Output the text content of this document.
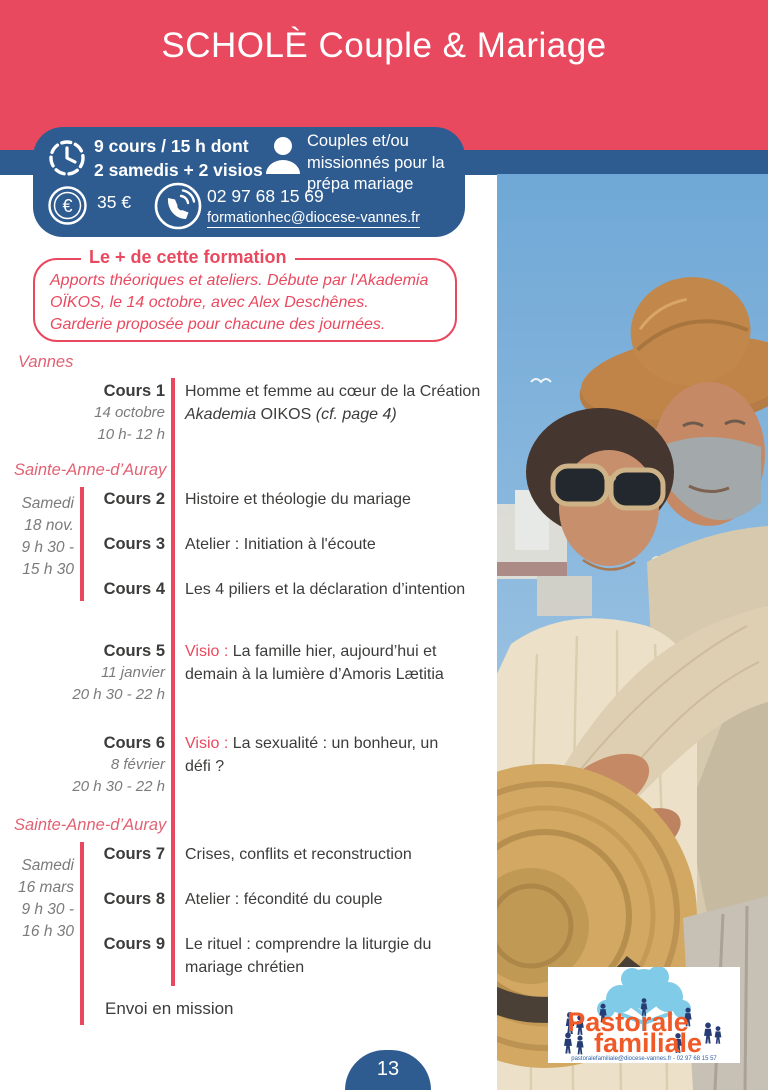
SCHOLÈ Couple & Mariage
9 cours / 15 h dont
2 samedis + 2 visios
Couples et/ou missionnés pour la prépa mariage
€ 35 €	02 97 68 15 69
formationhec@diocese-vannes.fr
Le + de cette formation
Apports théoriques et ateliers. Débute par l'Akademia
OÏKOS, le 14 octobre, avec Alex Deschênes.
Garderie proposée pour chacune des journées.
Vannes
Cours 1
14 octobre
10 h- 12 h
Homme et femme au cœur de la Création
Akademia OIKOS (cf. page 4)
Sainte-Anne-d’Auray
Samedi
18 nov.
9 h 30 -
15 h 30
Cours 2 Histoire et théologie du mariage
Cours 3 Atelier : Initiation à l'écoute
Cours 4 Les 4 piliers et la déclaration d’intention
Cours 5
11 janvier
20 h 30 - 22 h
Visio : La famille hier, aujourd’hui et
demain à la lumière d’Amoris Lætitia
Cours 6
8 février
20 h 30 - 22 h
Visio : La sexualité : un bonheur, un
défi ?
Sainte-Anne-d’Auray
Samedi
16 mars
9 h 30 -
16 h 30
Cours 7 Crises, conflits et reconstruction
Cours 8 Atelier : fécondité du couple
Cours 9 Le rituel : comprendre la liturgie du
mariage chrétien
Envoi en mission	Pastorale
familiale
pastoralefamiliale@diocese-vannes.fr - 02 97 68 15 57
13
